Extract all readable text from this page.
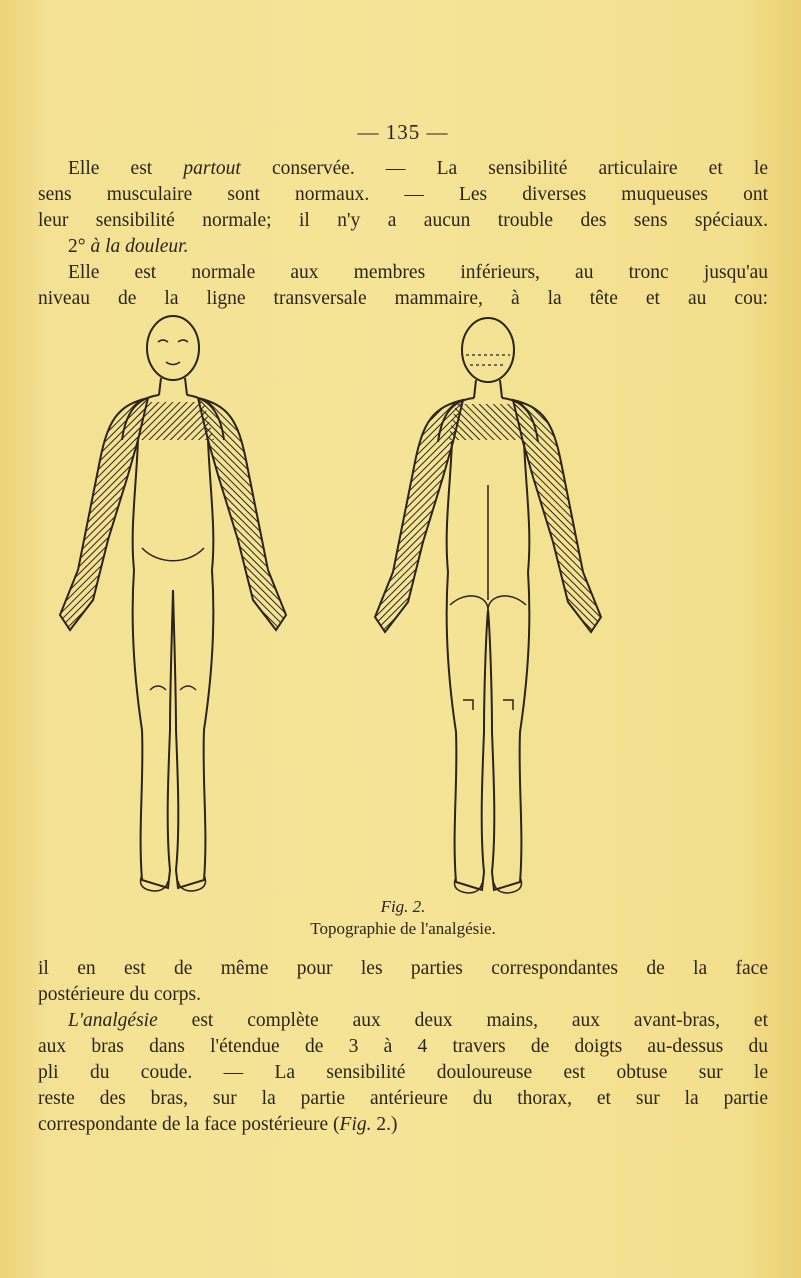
— 135 —
Elle est partout conservée. — La sensibilité articulaire et le
sens musculaire sont normaux. — Les diverses muqueuses ont
leur sensibilité normale; il n'y a aucun trouble des sens spéciaux.
2° à la douleur.
Elle est normale aux membres inférieurs, au tronc jusqu'au
niveau de la ligne transversale mammaire, à la tête et au cou:
Fig. 2.
Topographie de l'analgésie.
il en est de même pour les parties correspondantes de la face
postérieure du corps.
L'analgésie est complète aux deux mains, aux avant-bras, et
aux bras dans l'étendue de 3 à 4 travers de doigts au-dessus du
pli du coude. — La sensibilité douloureuse est obtuse sur le
reste des bras, sur la partie antérieure du thorax, et sur la partie
correspondante de la face postérieure (Fig. 2.)
